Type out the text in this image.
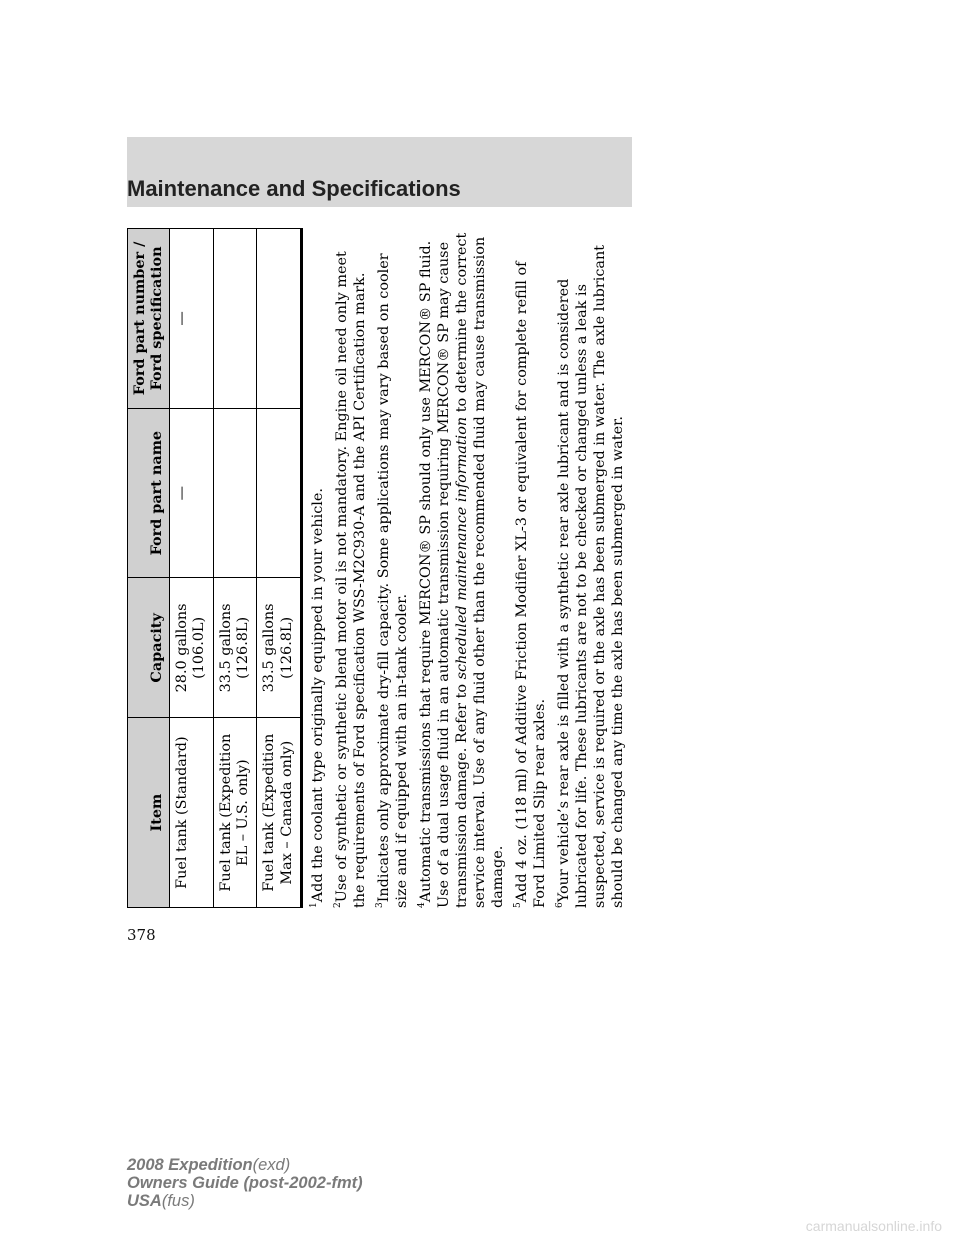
Maintenance and Specifications
Item	Capacity	Ford part name	Ford part number / Ford specification
Fuel tank (Standard)	28.0 gallons (106.0L)	—	—
Fuel tank (Expedition EL – U.S. only)	33.5 gallons (126.8L)		
Fuel tank (Expedition Max – Canada only)	33.5 gallons (126.8L)		

$^1$Add the coolant type originally equipped in your vehicle.

$^2$Use of synthetic or synthetic blend motor oil is not mandatory. Engine oil need only meet the requirements of Ford specification WSS-M2C930-A and the API Certification mark. $^3$Indicates only approximate dry-fill capacity. Some applications may vary based on cooler size and if equipped with an in-tank cooler. $^4$Automatic transmissions that require MERCON® SP should only use MERCON® SP fluid. Use of a dual usage fluid in an automatic transmission requiring MERCON® SP may cause transmission damage. Refer to scheduled maintenance information to determine the correct service interval. Use of any fluid other than the recommended fluid may cause transmission damage. $^5$Add 4 oz. (118 ml) of Additive Friction Modifier XL-3 or equivalent for complete refill of Ford Limited Slip rear axles. $^6$Your vehicle’s rear axle is filled with a synthetic rear axle lubricant and is considered lubricated for life. These lubricants are not to be checked or changed unless a leak is suspected, service is required or the axle has been submerged in water. The axle lubricant should be changed any time the axle has been submerged in water.

378
2008 Expedition(exd)
Owners Guide (post-2002-fmt)
USA(fus)
carmanualsonline.info
